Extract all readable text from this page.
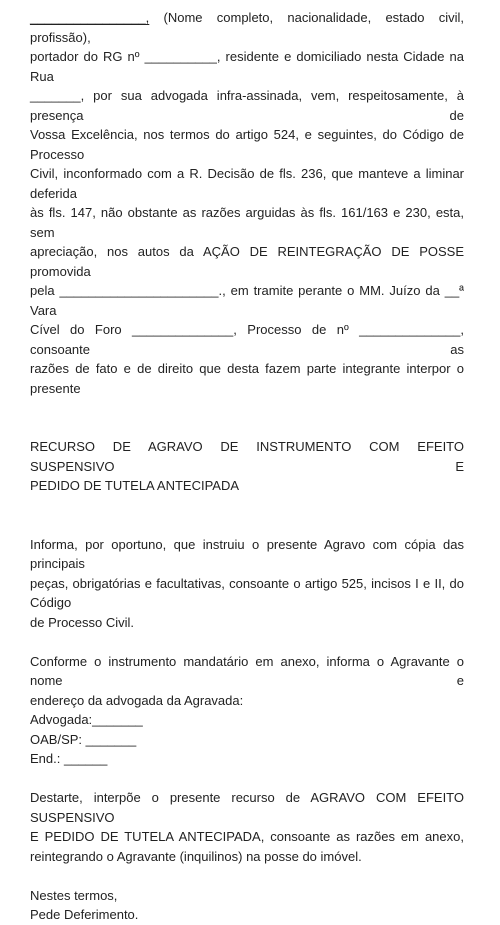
________________, (Nome completo, nacionalidade, estado civil, profissão),
portador do RG nº __________, residente e domiciliado nesta Cidade na Rua
_______, por sua advogada infra-assinada, vem, respeitosamente, à presença de
Vossa Excelência, nos termos do artigo 524, e seguintes, do Código de Processo
Civil, inconformado com a R. Decisão de fls. 236, que manteve a liminar deferida
às fls. 147, não obstante as razões arguidas às fls. 161/163 e 230, esta, sem
apreciação, nos autos da AÇÃO DE REINTEGRAÇÃO DE POSSE promovida
pela ______________________., em tramite perante o MM. Juízo da __ª Vara
Cível do Foro ______________, Processo de nº ______________, consoante as
razões de fato e de direito que desta fazem parte integrante interpor o presente
RECURSO DE AGRAVO DE INSTRUMENTO COM EFEITO SUSPENSIVO E
PEDIDO DE TUTELA ANTECIPADA
Informa, por oportuno, que instruiu o presente Agravo com cópia das principais
peças, obrigatórias e facultativas, consoante o artigo 525, incisos I e II, do Código
de Processo Civil.
Conforme o instrumento mandatário em anexo, informa o Agravante o nome e
endereço da advogada da Agravada:

Advogada:_______

OAB/SP: _______

End.: ______

Destarte, interpõe o presente recurso de AGRAVO COM EFEITO SUSPENSIVO
E PEDIDO DE TUTELA ANTECIPADA, consoante as razões em anexo,
reintegrando o Agravante (inquilinos) na posse do imóvel.

Nestes termos,

Pede Deferimento.
